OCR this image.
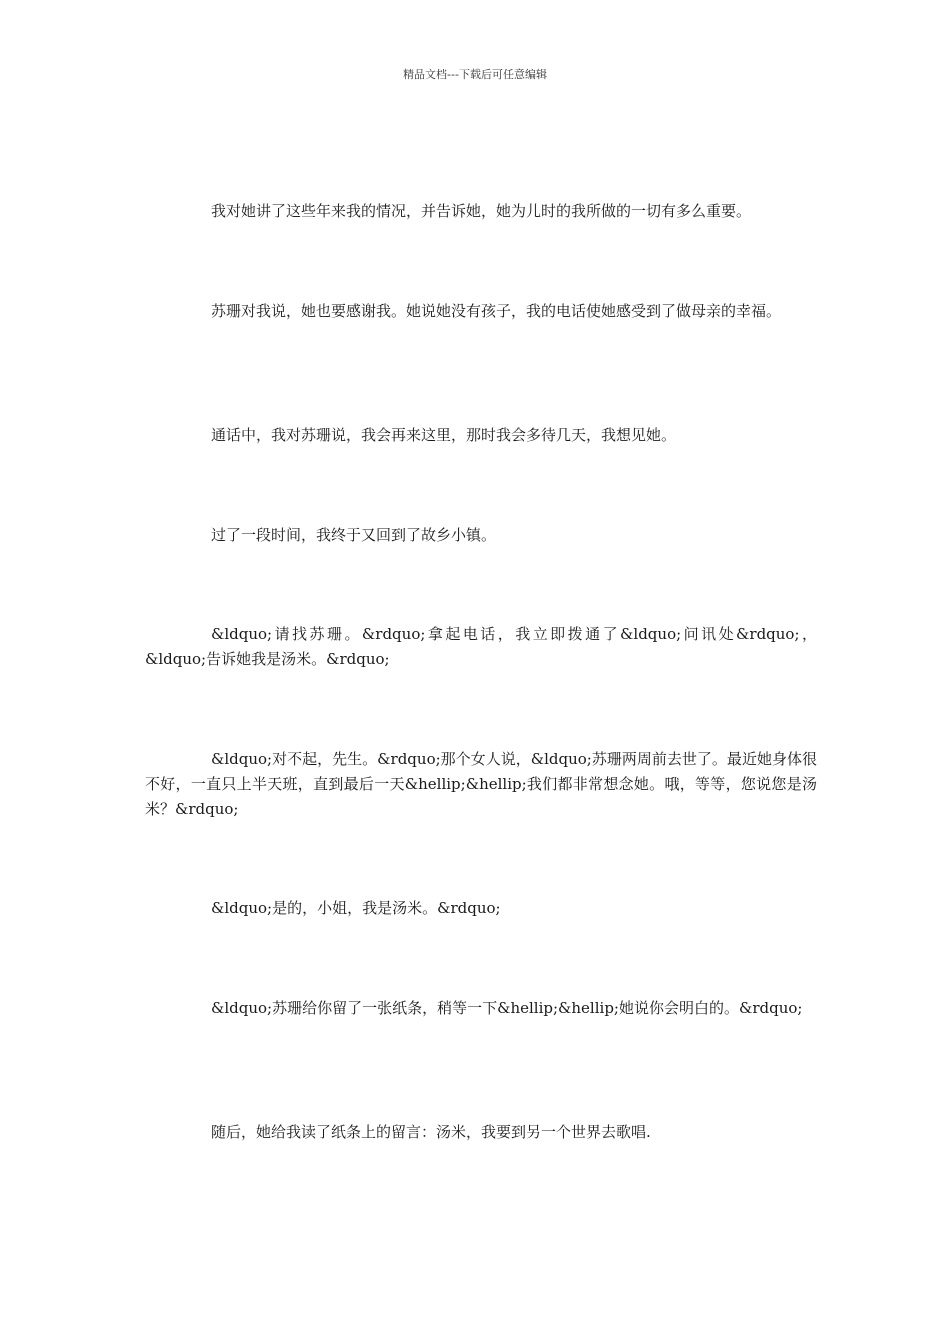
精品文档---下载后可任意编辑

我对她讲了这些年来我的情况，并告诉她，她为儿时的我所做的一切有多么重要。

苏珊对我说，她也要感谢我。她说她没有孩子，我的电话使她感受到了做母亲的幸福。

通话中，我对苏珊说，我会再来这里，那时我会多待几天，我想见她。

过了一段时间，我终于又回到了故乡小镇。

&ldquo;请找苏珊。&rdquo;拿起电话，我立即拨通了&ldquo;问讯处&rdquo;，&ldquo;告诉她我是汤米。&rdquo;

&ldquo;对不起，先生。&rdquo;那个女人说，&ldquo;苏珊两周前去世了。最近她身体很不好，一直只上半天班，直到最后一天&hellip;&hellip;我们都非常想念她。哦，等等，您说您是汤米？&rdquo;

&ldquo;是的，小姐，我是汤米。&rdquo;

&ldquo;苏珊给你留了一张纸条，稍等一下&hellip;&hellip;她说你会明白的。&rdquo;

随后，她给我读了纸条上的留言：汤米，我要到另一个世界去歌唱.
